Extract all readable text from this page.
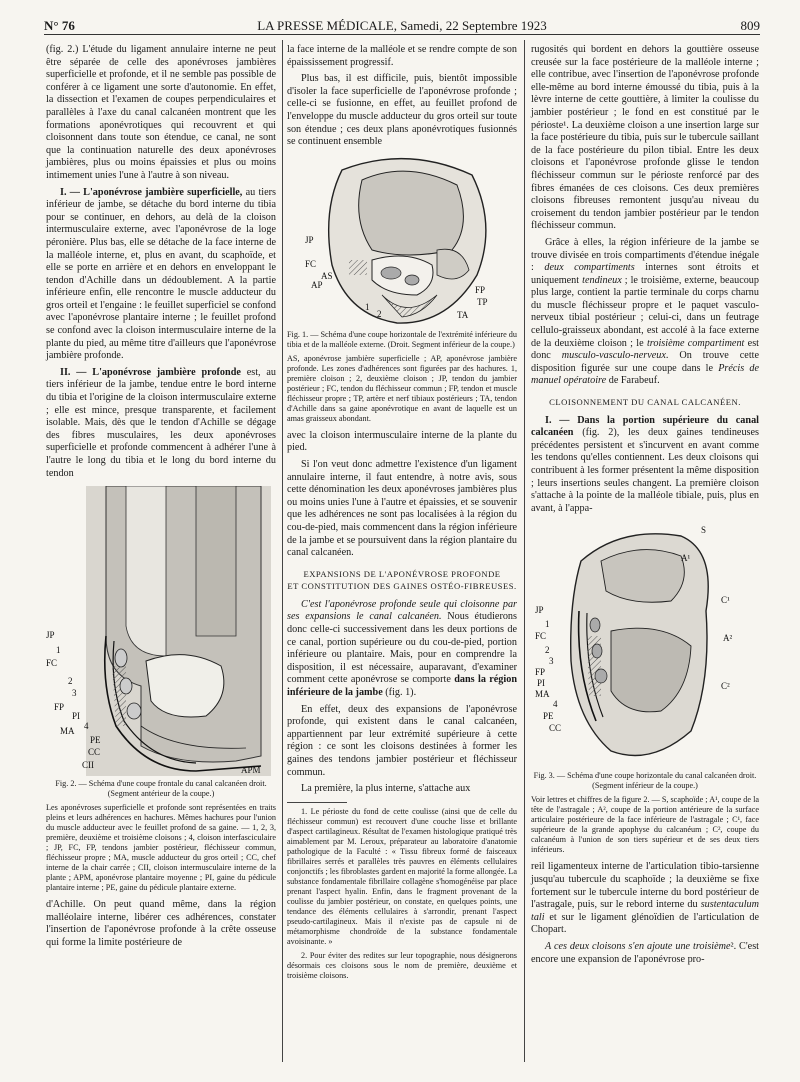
N° 76	LA PRESSE MÉDICALE, Samedi, 22 Septembre 1923	809

(fig. 2.) L'étude du ligament annulaire interne ne peut être séparée de celle des aponévroses jambières superficielle et profonde, et il ne semble pas possible de conférer à ce ligament une sorte d'autonomie. En effet, la dissection et l'examen de coupes perpendiculaires et parallèles à l'axe du canal calcanéen montrent que les formations aponévrotiques qui recouvrent et qui cloisonnent dans toute son étendue, ce canal, ne sont que la continuation naturelle des deux aponévroses jambières, plus ou moins épaissies et plus ou moins intimement unies l'une à l'autre à son niveau.

I. — L'aponévrose jambière superficielle, au tiers inférieur de jambe, se détache du bord interne du tibia pour se continuer, en dehors, au delà de la cloison intermusculaire externe, avec l'aponévrose de la loge péronière. Plus bas, elle se détache de la face interne de la malléole interne, et, plus en avant, du scaphoïde, et elle se porte en arrière et en dehors en enveloppant le tendon d'Achille dans un dédoublement. A la partie inférieure enfin, elle rencontre le muscle adducteur du gros orteil et l'engaine : le feuillet superficiel se confond avec l'aponévrose plantaire interne ; le feuillet profond se confond avec la cloison intermusculaire interne de la plante du pied, au même titre d'ailleurs que l'aponévrose jambière profonde.

II. — L'aponévrose jambière profonde est, au tiers inférieur de la jambe, tendue entre le bord interne du tibia et l'origine de la cloison intermusculaire externe ; elle est mince, presque transparente, et facilement isolable. Mais, dès que le tendon d'Achille se dégage des fibres musculaires, les deux aponévroses superficielle et profonde commencent à adhérer l'une à l'autre le long du tibia et le long du bord interne du tendon

JP
1
FC
2
3
FP
PI
MA 4
PE
CC
CII	APM

Fig. 2. — Schéma d'une coupe frontale du canal calcanéen droit. (Segment antérieur de la coupe.)

Les aponévroses superficielle et profonde sont représentées en traits pleins et leurs adhérences en hachures. Mêmes hachures pour l'union du muscle adducteur avec le feuillet profond de sa gaine. — 1, 2, 3, première, deuxième et troisième cloisons ; 4, cloison interfasciculaire ; JP, FC, FP, tendons jambier postérieur, fléchisseur commun, fléchisseur propre ; MA, muscle adducteur du gros orteil ; CC, chef interne de la chair carrée ; CII, cloison intermusculaire interne de la plante ; APM, aponévrose plantaire moyenne ; PI, gaine du pédicule plantaire interne ; PE, gaine du pédicule plantaire externe.

d'Achille. On peut quand même, dans la région malléolaire interne, libérer ces adhérences, constater l'insertion de l'aponévrose profonde à la crête osseuse qui forme la limite postérieure de

la face interne de la malléole et se rendre compte de son épaississement progressif.

Plus bas, il est difficile, puis, bientôt impossible d'isoler la face superficielle de l'aponévrose profonde ; celle-ci se fusionne, en effet, au feuillet profond de l'enveloppe du muscle adducteur du gros orteil sur toute son étendue ; ces deux plans aponévrotiques fusionnés se continuent ensemble

JP
FC
AS
AP
1
2
FP
TP
TA

Fig. 1. — Schéma d'une coupe horizontale de l'extrémité inférieure du tibia et de la malléole externe. (Droit. Segment inférieur de la coupe.)

AS, aponévrose jambière superficielle ; AP, aponévrose jambière profonde. Les zones d'adhérences sont figurées par des hachures. 1, première cloison ; 2, deuxième cloison ; JP, tendon du jambier postérieur ; FC, tendon du fléchisseur commun ; FP, tendon et muscle fléchisseur propre ; TP, artère et nerf tibiaux postérieurs ; TA, tendon d'Achille dans sa gaine aponévrotique en avant de laquelle est un amas graisseux abondant.

avec la cloison intermusculaire interne de la plante du pied.

Si l'on veut donc admettre l'existence d'un ligament annulaire interne, il faut entendre, à notre avis, sous cette dénomination les deux aponévroses jambières plus ou moins unies l'une à l'autre et épaissies, et se souvenir que les adhérences ne sont pas localisées à la région du cou-de-pied, mais commencent dans la région inférieure de la jambe et se poursuivent dans la région plantaire du canal calcanéen.

EXPANSIONS DE L'APONÉVROSE PROFONDE
ET CONSTITUTION DES GAINES OSTÉO-FIBREUSES.

C'est l'aponévrose profonde seule qui cloisonne par ses expansions le canal calcanéen. Nous étudierons donc celle-ci successivement dans les deux portions de ce canal, portion supérieure ou du cou-de-pied, portion inférieure ou plantaire. Mais, pour en comprendre la disposition, il est nécessaire, auparavant, d'examiner comment cette aponévrose se comporte dans la région inférieure de la jambe (fig. 1).

En effet, deux des expansions de l'aponévrose profonde, qui existent dans le canal calcanéen, appartiennent par leur extrémité supérieure à cette région : ce sont les cloisons destinées à former les gaines des tendons jambier postérieur et fléchisseur commun.

La première, la plus interne, s'attache aux

1. Le périoste du fond de cette coulisse (ainsi que de celle du fléchisseur commun) est recouvert d'une couche lisse et brillante d'aspect cartilagineux. Résultat de l'examen histologique pratiqué très aimablement par M. Leroux, préparateur au laboratoire d'anatomie pathologique de la Faculté : « Tissu fibreux formé de faisceaux fibrillaires serrés et parallèles très pauvres en éléments cellulaires conjonctifs ; les fibroblastes gardent en majorité la forme allongée. La substance fondamentale fibrillaire collagène s'homogénéise par place prenant l'aspect hyalin. Enfin, dans le fragment provenant de la coulisse du jambier postérieur, on constate, en quelques points, une tendance des éléments cellulaires à s'arrondir, prenant l'aspect pseudo-cartilagineux. Mais il n'existe pas de capsule ni de métamorphisme chondroïde de la substance fondamentale avoisinante. »

2. Pour éviter des redites sur leur topographie, nous désignerons désormais ces cloisons sous le nom de première, deuxième et troisième cloisons.

rugosités qui bordent en dehors la gouttière osseuse creusée sur la face postérieure de la malléole interne ; elle contribue, avec l'insertion de l'aponévrose profonde elle-même au bord interne émoussé du tibia, puis à la lèvre interne de cette gouttière, à limiter la coulisse du jambier postérieur ; le fond en est constitué par le périoste¹. La deuxième cloison a une insertion large sur la face postérieure du tibia, puis sur le tubercule saillant de la face postérieure du pilon tibial. Entre les deux cloisons et l'aponévrose profonde glisse le tendon fléchisseur commun sur le périoste renforcé par des fibres émanées de ces cloisons. Ces deux premières cloisons fibreuses remontent jusqu'au niveau du croisement du tendon jambier postérieur par le tendon fléchisseur commun.

Grâce à elles, la région inférieure de la jambe se trouve divisée en trois compartiments d'étendue inégale : deux compartiments internes sont étroits et uniquement tendineux ; le troisième, externe, beaucoup plus large, contient la partie terminale du corps charnu du muscle fléchisseur propre et le paquet vasculo-nerveux tibial postérieur ; celui-ci, dans un feutrage cellulo-graisseux abondant, est accolé à la face externe de la deuxième cloison ; le troisième compartiment est donc musculo-vasculo-nerveux. On trouve cette disposition figurée sur une coupe dans le Précis de manuel opératoire de Farabeuf.

CLOISONNEMENT DU CANAL CALCANÉEN.

I. — Dans la portion supérieure du canal calcanéen (fig. 2), les deux gaines tendineuses précédentes persistent et s'incurvent en avant comme les tendons qu'elles contiennent. Les deux cloisons qui contribuent à les former présentent la même disposition ; leurs insertions seules changent. La première cloison s'attache à la pointe de la malléole tibiale, puis, plus en avant, à l'appa-

S
A¹
JP
1
FC
2
3
FP
PI
MA
4
PE
CC
C¹
A²
C²

Fig. 3. — Schéma d'une coupe horizontale du canal calcanéen droit. (Segment inférieur de la coupe.)

Voir lettres et chiffres de la figure 2. — S, scaphoïde ; A¹, coupe de la tête de l'astragale ; A², coupe de la portion antérieure de la surface articulaire postérieure de la face inférieure de l'astragale ; C¹, face supérieure de la grande apophyse du calcanéum ; C², coupe du calcanéum à l'union de son tiers supérieur et de ses deux tiers inférieurs.

reil ligamenteux interne de l'articulation tibio-tarsienne jusqu'au tubercule du scaphoïde ; la deuxième se fixe fortement sur le tubercule interne du bord postérieur de l'astragale, puis, sur le rebord interne du sustentaculum tali et sur le ligament glénoïdien de l'articulation de Chopart.

A ces deux cloisons s'en ajoute une troisième². C'est encore une expansion de l'aponévrose pro-
